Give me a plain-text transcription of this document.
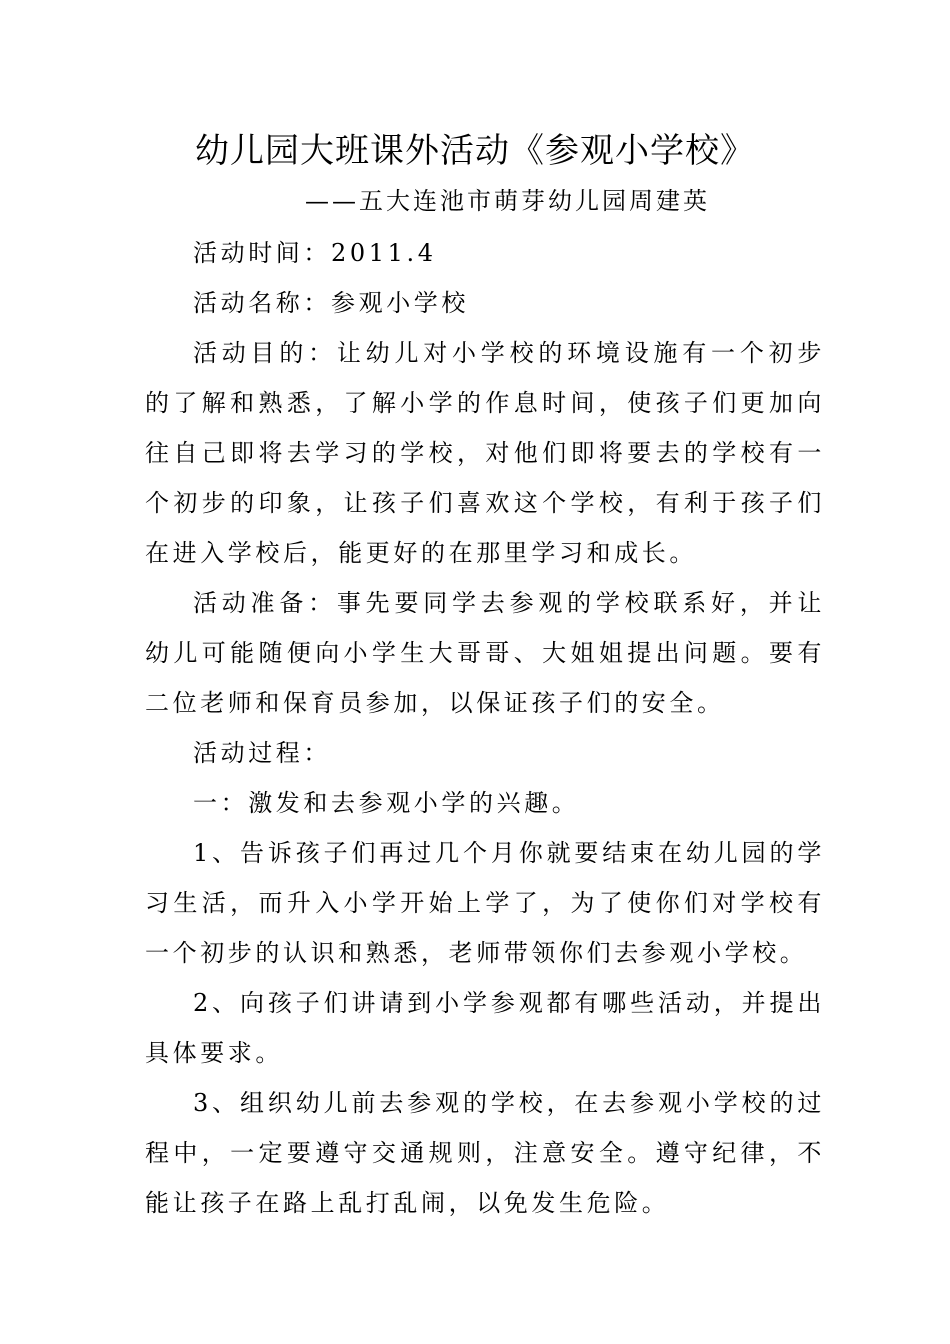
幼儿园大班课外活动《参观小学校》
——五大连池市萌芽幼儿园周建英

活动时间：2011.4

活动名称：参观小学校

活动目的：让幼儿对小学校的环境设施有一个初步的了解和熟悉，了解小学的作息时间，使孩子们更加向往自己即将去学习的学校，对他们即将要去的学校有一个初步的印象，让孩子们喜欢这个学校，有利于孩子们在进入学校后，能更好的在那里学习和成长。

活动准备：事先要同学去参观的学校联系好，并让幼儿可能随便向小学生大哥哥、大姐姐提出问题。要有二位老师和保育员参加，以保证孩子们的安全。

活动过程：

一：激发和去参观小学的兴趣。

1、告诉孩子们再过几个月你就要结束在幼儿园的学习生活，而升入小学开始上学了，为了使你们对学校有一个初步的认识和熟悉，老师带领你们去参观小学校。

2、向孩子们讲请到小学参观都有哪些活动，并提出具体要求。

3、组织幼儿前去参观的学校，在去参观小学校的过程中，一定要遵守交通规则，注意安全。遵守纪律，不能让孩子在路上乱打乱闹，以免发生危险。
